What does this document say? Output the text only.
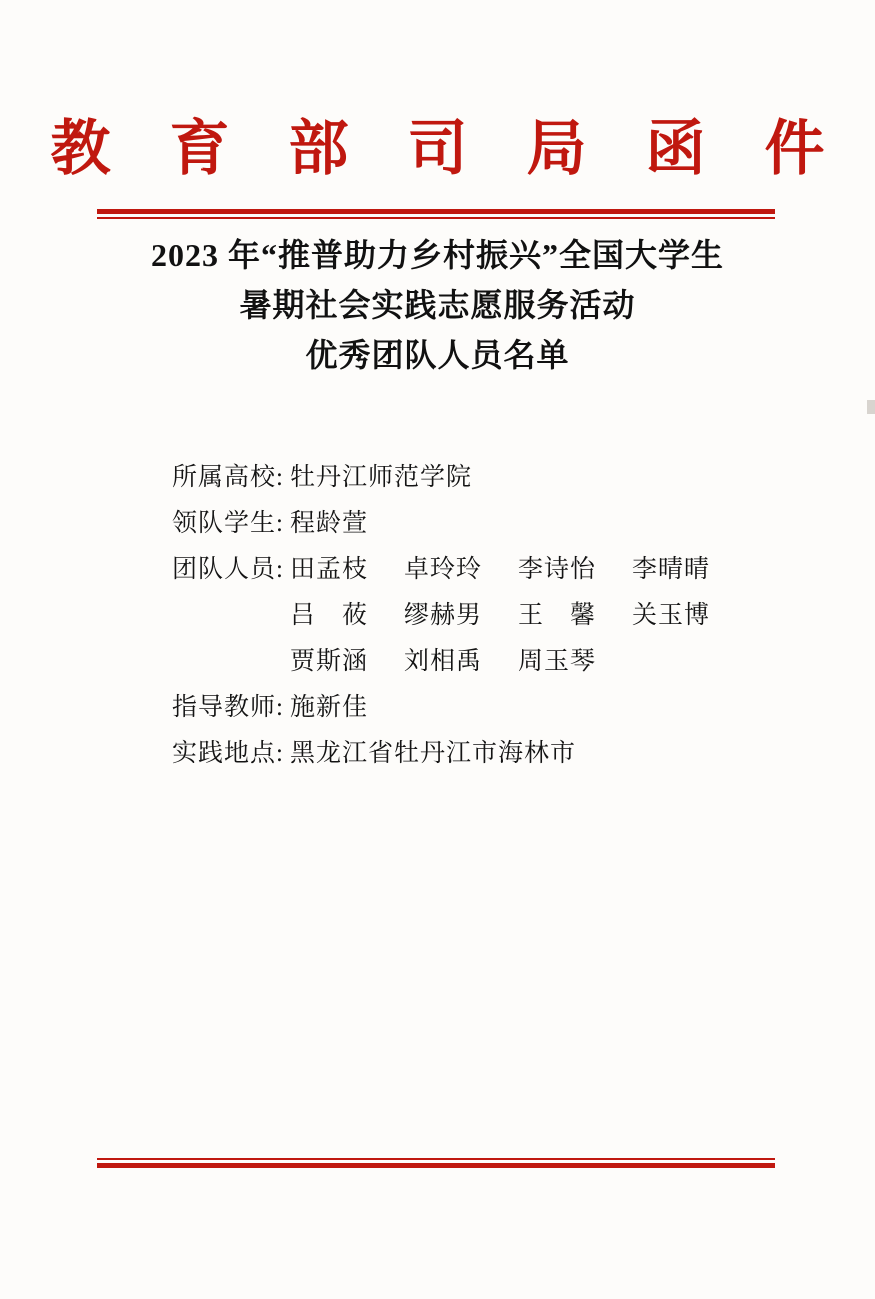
教 育 部 司 局 函 件
2023 年“推普助力乡村振兴”全国大学生
暑期社会实践志愿服务活动
优秀团队人员名单
所属高校: 牡丹江师范学院
领队学生: 程龄萱
团队人员: 田孟枝 卓玲玲 李诗怡 李晴晴
吕　莜 缪赫男 王　馨 关玉博
贾斯涵 刘相禹 周玉琴
指导教师: 施新佳
实践地点: 黑龙江省牡丹江市海林市
